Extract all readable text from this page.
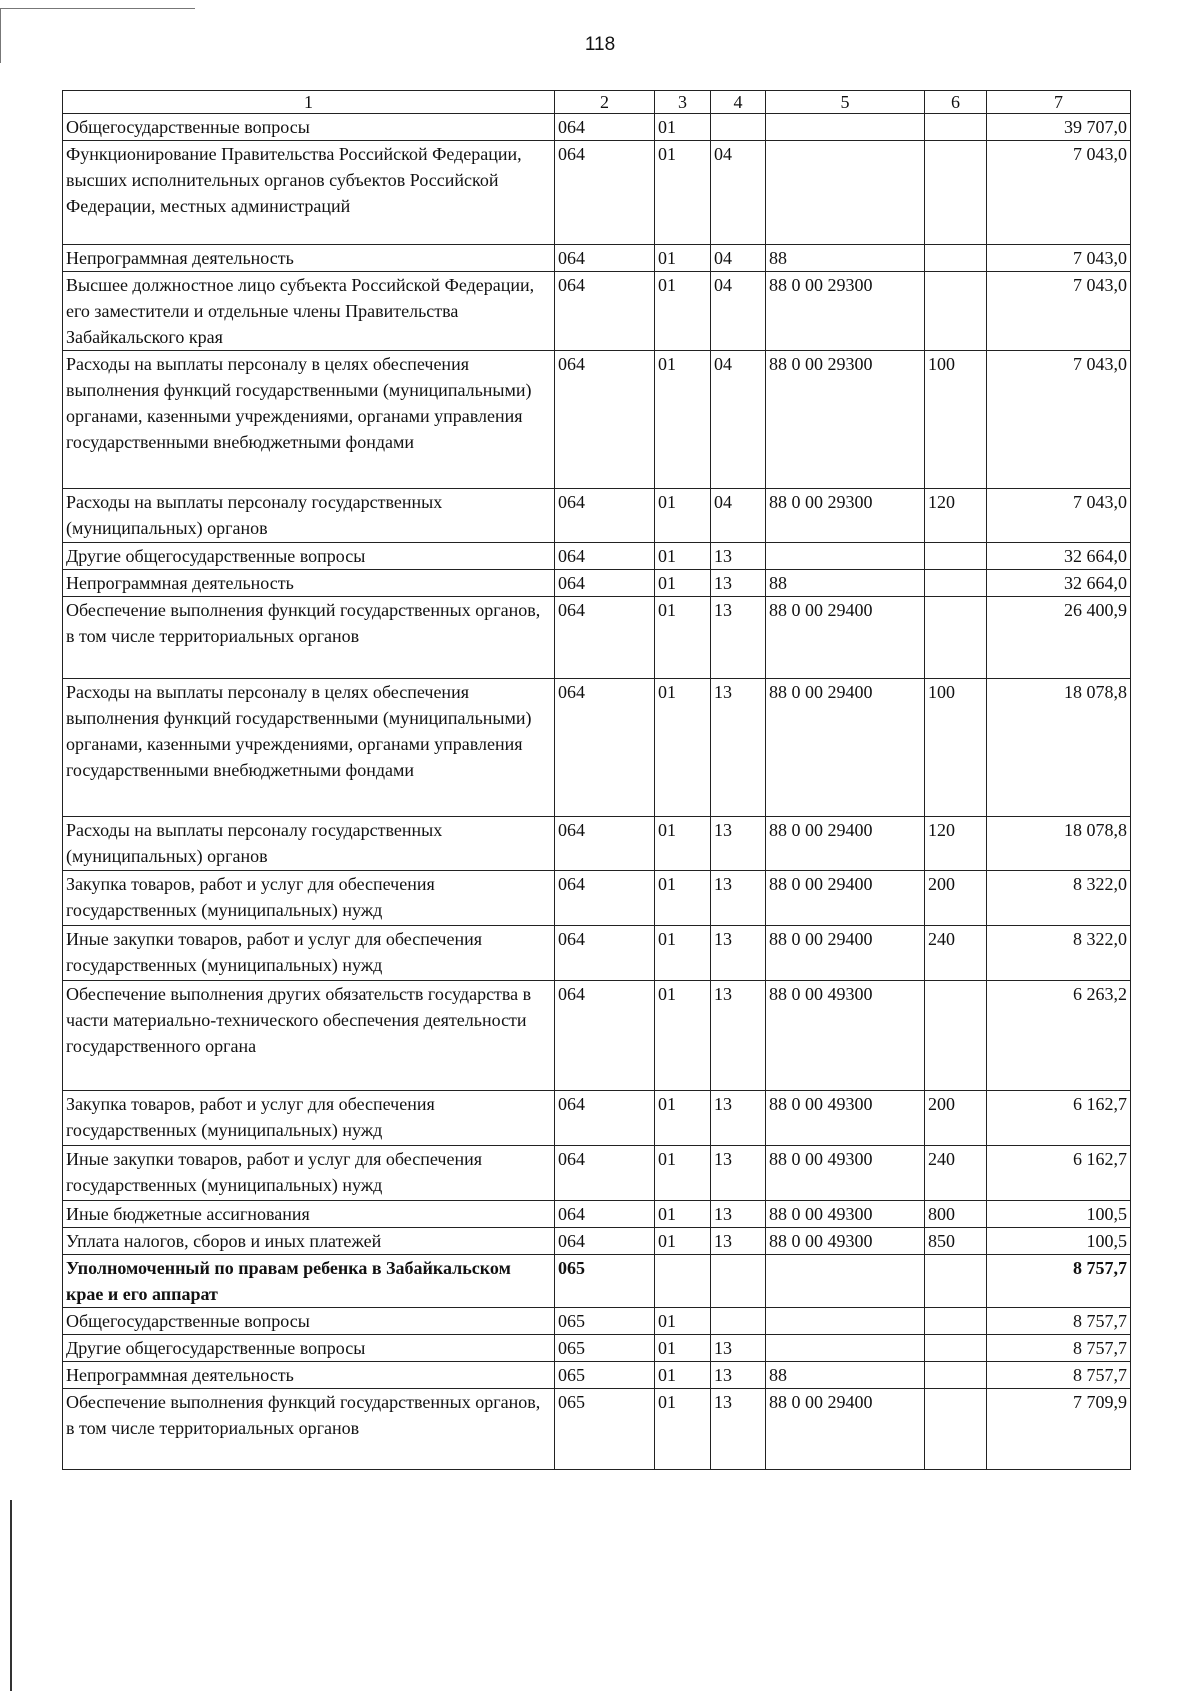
118
1	2	3	4	5	6	7
Общегосударственные вопросы	064	01				39 707,0
Функционирование Правительства Российской Федерации, высших исполнительных органов субъектов Российской Федерации, местных администраций	064	01	04			7 043,0
Непрограммная деятельность	064	01	04	88		7 043,0
Высшее должностное лицо субъекта Российской Федерации, его заместители и отдельные члены Правительства Забайкальского края	064	01	04	88 0 00 29300		7 043,0
Расходы на выплаты персоналу в целях обеспечения выполнения функций государственными (муниципальными) органами, казенными учреждениями, органами управления государственными внебюджетными фондами	064	01	04	88 0 00 29300	100	7 043,0
Расходы на выплаты персоналу государственных (муниципальных) органов	064	01	04	88 0 00 29300	120	7 043,0
Другие общегосударственные вопросы	064	01	13			32 664,0
Непрограммная деятельность	064	01	13	88		32 664,0
Обеспечение выполнения функций государственных органов, в том числе территориальных органов	064	01	13	88 0 00 29400		26 400,9
Расходы на выплаты персоналу в целях обеспечения выполнения функций государственными (муниципальными) органами, казенными учреждениями, органами управления государственными внебюджетными фондами	064	01	13	88 0 00 29400	100	18 078,8
Расходы на выплаты персоналу государственных (муниципальных) органов	064	01	13	88 0 00 29400	120	18 078,8
Закупка товаров, работ и услуг для обеспечения государственных (муниципальных) нужд	064	01	13	88 0 00 29400	200	8 322,0
Иные закупки товаров, работ и услуг для обеспечения государственных (муниципальных) нужд	064	01	13	88 0 00 29400	240	8 322,0
Обеспечение выполнения других обязательств государства в части материально-технического обеспечения деятельности государственного органа	064	01	13	88 0 00 49300		6 263,2
Закупка товаров, работ и услуг для обеспечения государственных (муниципальных) нужд	064	01	13	88 0 00 49300	200	6 162,7
Иные закупки товаров, работ и услуг для обеспечения государственных (муниципальных) нужд	064	01	13	88 0 00 49300	240	6 162,7
Иные бюджетные ассигнования	064	01	13	88 0 00 49300	800	100,5
Уплата налогов, сборов и иных платежей	064	01	13	88 0 00 49300	850	100,5
Уполномоченный по правам ребенка в Забайкальском крае и его аппарат	065					8 757,7
Общегосударственные вопросы	065	01				8 757,7
Другие общегосударственные вопросы	065	01	13			8 757,7
Непрограммная деятельность	065	01	13	88		8 757,7
Обеспечение выполнения функций государственных органов, в том числе территориальных органов	065	01	13	88 0 00 29400		7 709,9
